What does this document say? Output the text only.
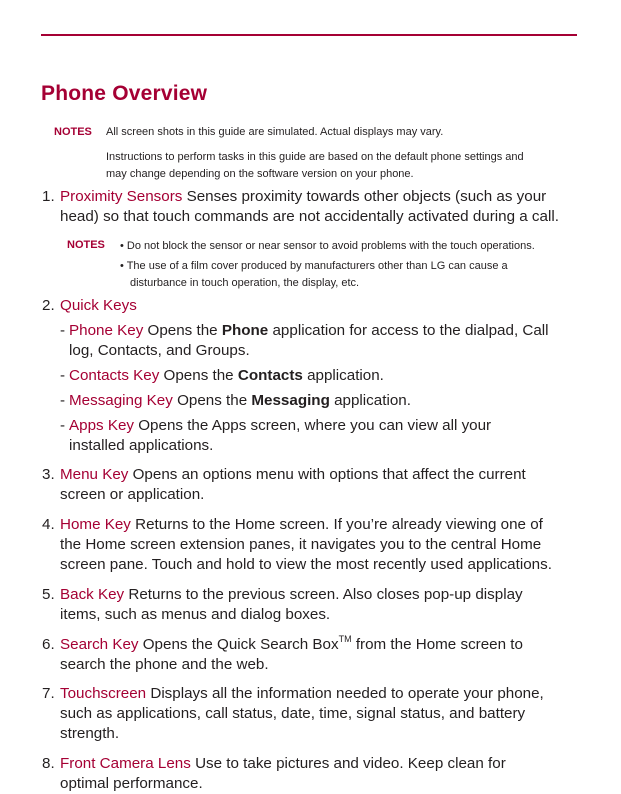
Phone Overview
NOTES All screen shots in this guide are simulated. Actual displays may vary.
Instructions to perform tasks in this guide are based on the default phone settings and
may change depending on the software version on your phone.
1. Proximity Sensors Senses proximity towards other objects (such as your
head) so that touch commands are not accidentally activated during a call.
NOTES • Do not block the sensor or near sensor to avoid problems with the touch operations.
• The use of a film cover produced by manufacturers other than LG can cause a
disturbance in touch operation, the display, etc.
2. Quick Keys
- Phone Key Opens the Phone application for access to the dialpad, Call
log, Contacts, and Groups.
- Contacts Key Opens the Contacts application.
- Messaging Key Opens the Messaging application.
- Apps Key Opens the Apps screen, where you can view all your
installed applications.
3. Menu Key Opens an options menu with options that affect the current
screen or application.
4. Home Key Returns to the Home screen. If you’re already viewing one of
the Home screen extension panes, it navigates you to the central Home
screen pane. Touch and hold to view the most recently used applications.
5. Back Key Returns to the previous screen. Also closes pop-up display
items, such as menus and dialog boxes.
6. Search Key Opens the Quick Search Box™ from the Home screen to
search the phone and the web.
7. Touchscreen Displays all the information needed to operate your phone,
such as applications, call status, date, time, signal status, and battery
strength.
8. Front Camera Lens Use to take pictures and video. Keep clean for
optimal performance.
